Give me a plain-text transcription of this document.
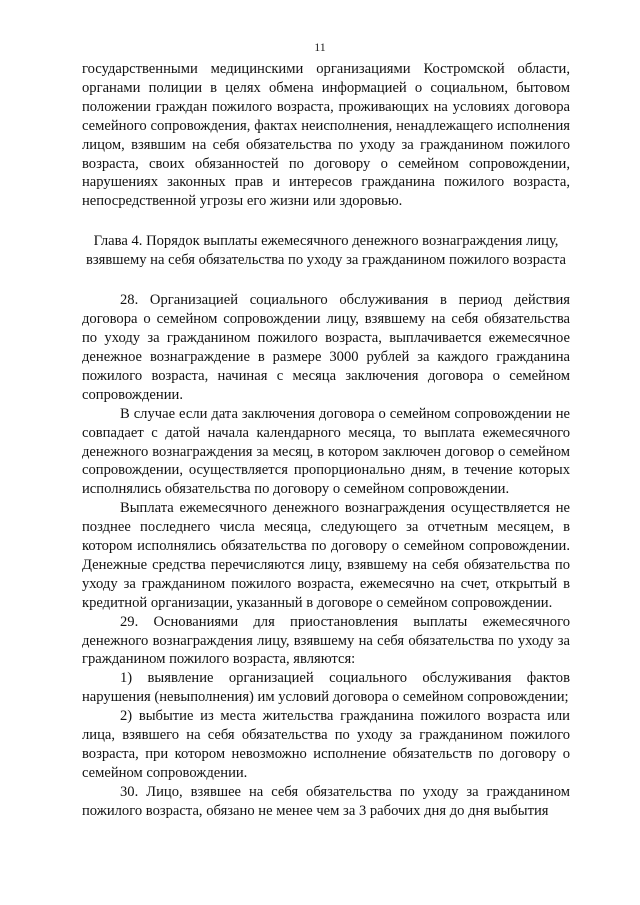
11

государственными медицинскими организациями Костромской области, органами полиции в целях обмена информацией о социальном, бытовом положении граждан пожилого возраста, проживающих на условиях договора семейного сопровождения, фактах неисполнения, ненадлежащего исполнения лицом, взявшим на себя обязательства по уходу за гражданином пожилого возраста, своих обязанностей по договору о семейном сопровождении, нарушениях законных прав и интересов гражданина пожилого возраста, непосредственной угрозы его жизни или здоровью.

Глава 4. Порядок выплаты ежемесячного денежного вознаграждения лицу, взявшему на себя обязательства по уходу за гражданином пожилого возраста

28. Организацией социального обслуживания в период действия договора о семейном сопровождении лицу, взявшему на себя обязательства по уходу за гражданином пожилого возраста, выплачивается ежемесячное денежное вознаграждение в размере 3000 рублей за каждого гражданина пожилого возраста, начиная с месяца заключения договора о семейном сопровождении.

В случае если дата заключения договора о семейном сопровождении не совпадает с датой начала календарного месяца, то выплата ежемесячного денежного вознаграждения за месяц, в котором заключен договор о семейном сопровождении, осуществляется пропорционально дням, в течение которых исполнялись обязательства по договору о семейном сопровождении.

Выплата ежемесячного денежного вознаграждения осуществляется не позднее последнего числа месяца, следующего за отчетным месяцем, в котором исполнялись обязательства по договору о семейном сопровождении. Денежные средства перечисляются лицу, взявшему на себя обязательства по уходу за гражданином пожилого возраста, ежемесячно на счет, открытый в кредитной организации, указанный в договоре о семейном сопровождении.

29. Основаниями для приостановления выплаты ежемесячного денежного вознаграждения лицу, взявшему на себя обязательства по уходу за гражданином пожилого возраста, являются:

1) выявление организацией социального обслуживания фактов нарушения (невыполнения) им условий договора о семейном сопровождении;

2) выбытие из места жительства гражданина пожилого возраста или лица, взявшего на себя обязательства по уходу за гражданином пожилого возраста, при котором невозможно исполнение обязательств по договору о семейном сопровождении.

30. Лицо, взявшее на себя обязательства по уходу за гражданином пожилого возраста, обязано не менее чем за 3 рабочих дня до дня выбытия
